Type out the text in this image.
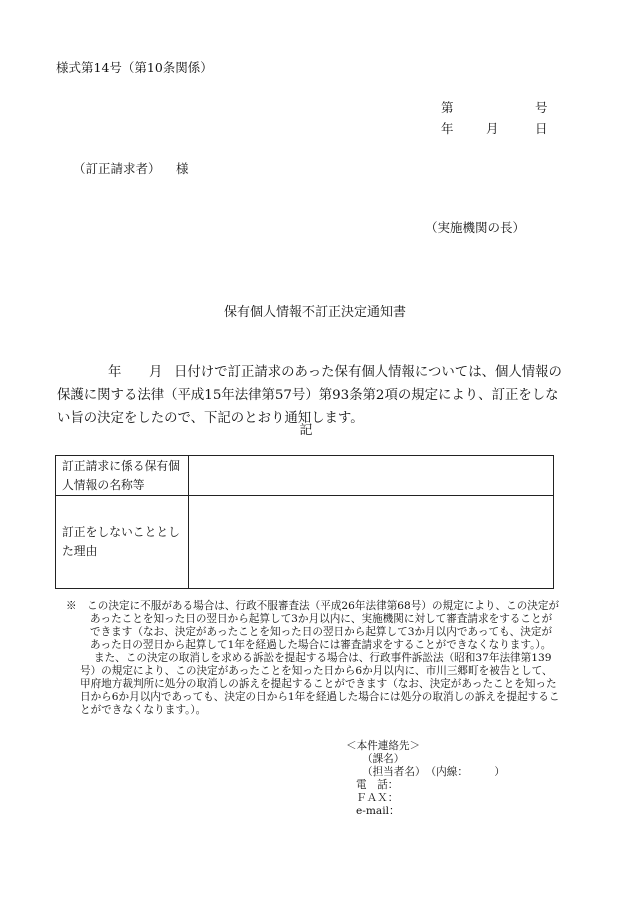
様式第14号（第10条関係）
第	号
年	月	日
（訂正請求者） 様
（実施機関の長）
保有個人情報不訂正決定通知書
年 月 日付けで訂正請求のあった保有個人情報については、個人情報の保護に関する法律（平成15年法律第57号）第93条第2項の規定により、訂正をしない旨の決定をしたので、下記のとおり通知します。
記
訂正請求に係る保有個人情報の名称等	
訂正をしないこととした理由	

※　この決定に不服がある場合は、行政不服審査法（平成26年法律第68号）の規定により、この決定があったことを知った日の翌日から起算して3か月以内に、実施機関に対して審査請求をすることができます（なお、決定があったことを知った日の翌日から起算して3か月以内であっても、決定があった日の翌日から起算して1年を経過した場合には審査請求をすることができなくなります。）。

また、この決定の取消しを求める訴訟を提起する場合は、行政事件訴訟法（昭和37年法律第139号）の規定により、この決定があったことを知った日から6か月以内に、市川三郷町を被告として、甲府地方裁判所に処分の取消しの訴えを提起することができます（なお、決定があったことを知った日から6か月以内であっても、決定の日から1年を経過した場合には処分の取消しの訴えを提起することができなくなります。）。

＜本件連絡先＞
（課名）
（担当者名）　（内線：　　　）
電　話：
ＦＡＸ：
e-mail：
